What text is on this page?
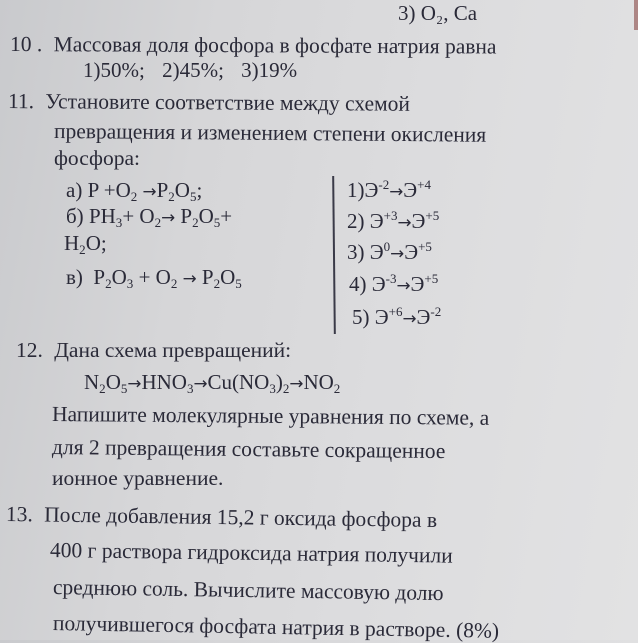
3) O₂, Ca
10 . Массовая доля фосфора в фосфате натрия равна
1)50%; 2)45%; 3)19%
11. Установите соответствие между схемой
превращения и изменением степени окисления
фосфора:
а) $P +O_2 \to P_2O_5$;
б) $PH_3+ O_2\to P_2O_5+$
$H_2O$;
в)  $P_2O_3 + O_2 \to P_2O_5$
$1)Э^{-2}\to Э^{+4}$
2) $Э^{+3}\to Э^{+5}$
3) $Э^0\to Э^{+5}$
4) $Э^{-3}\to Э^{+5}$
5) $Э^{+6}\to Э^{-2}$
12. Дана схема превращений:
$N_2O_5\to HNO_3\to Cu(NO_3)_2\to NO_2$
Напишите молекулярные уравнения по схеме, а
для 2 превращения составьте сокращенное
ионное уравнение.
13. После добавления 15,2 г оксида фосфора в
400 г раствора гидроксида натрия получили
среднюю соль. Вычислите массовую долю
получившегося фосфата натрия в растворе. (8%)
